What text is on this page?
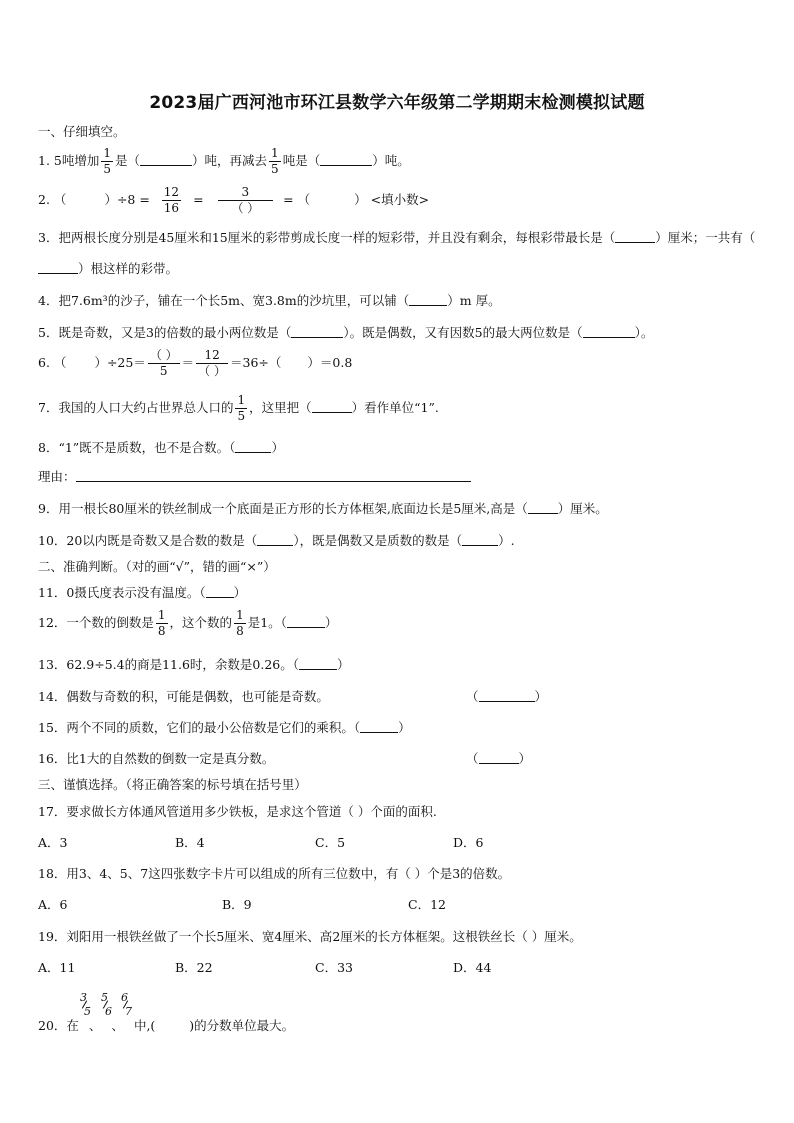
2023届广西河池市环江县数学六年级第二学期期末检测模拟试题
一、仔细填空。
1. 5吨增加 $\frac{1}{5}$ 是（	）吨，再减去 $\frac{1}{5}$ 吨是（	）吨。
2. （	）$\div 8 = \frac{12}{16} = \frac{3}{( )}$ = （	） <填小数>
3．把两根长度分别是45厘米和15厘米的彩带剪成长度一样的短彩带，并且没有剩余，每根彩带最长是（	）厘米；一共有（）根这样的彩带。
4．把7.6m³的沙子，铺在一个长5m、宽3.8m的沙坑里，可以铺（	）m 厚。
5．既是奇数，又是3的倍数的最小两位数是（	）。既是偶数，又有因数5的最大两位数是（	）。
6. （ ）$\div 25= \frac{( )}{5} = \frac{12}{( )} =36\div$（ ）＝0.8
7．我国的人口大约占世界总人口的 $\frac{1}{5}$ ，这里把（	）看作单位“1”.
8．“1”既不是质数，也不是合数。（	）
理由：
9．用一根长80厘米的铁丝制成一个底面是正方形的长方体框架,底面边长是5厘米,高是（ ）厘米。
10．20以内既是奇数又是合数的数是（	），既是偶数又是质数的数是（	）.
二、准确判断。（对的画“√”，错的画“×”）
11．0摄氏度表示没有温度。（ ）
12．一个数的倒数是 $\frac{1}{8}$ ，这个数的 $\frac{1}{8}$ 是1。（	）
13．62.9÷5.4的商是11.6时，余数是0.26。（	）
14．偶数与奇数的积，可能是偶数，也可能是奇数。	（	）
15．两个不同的质数，它们的最小公倍数是它们的乘积。（	）
16．比1大的自然数的倒数一定是真分数。	（	）
三、谨慎选择。（将正确答案的标号填在括号里）
17．要求做长方体通风管道用多少铁板，是求这个管道（ ）个面的面积.
A．3	B．4	C．5	D．6
18．用3、4、5、7这四张数字卡片可以组成的所有三位数中，有（ ）个是3的倍数。
A．6	B．9	C．12
19．刘阳用一根铁丝做了一个长5厘米、宽4厘米、高2厘米的长方体框架。这根铁丝长（ ）厘米。
A．11	B．22	C．33	D．44
20．在 、 、 中,(	)的分数单位最大。
3
5
5
6
6
7
